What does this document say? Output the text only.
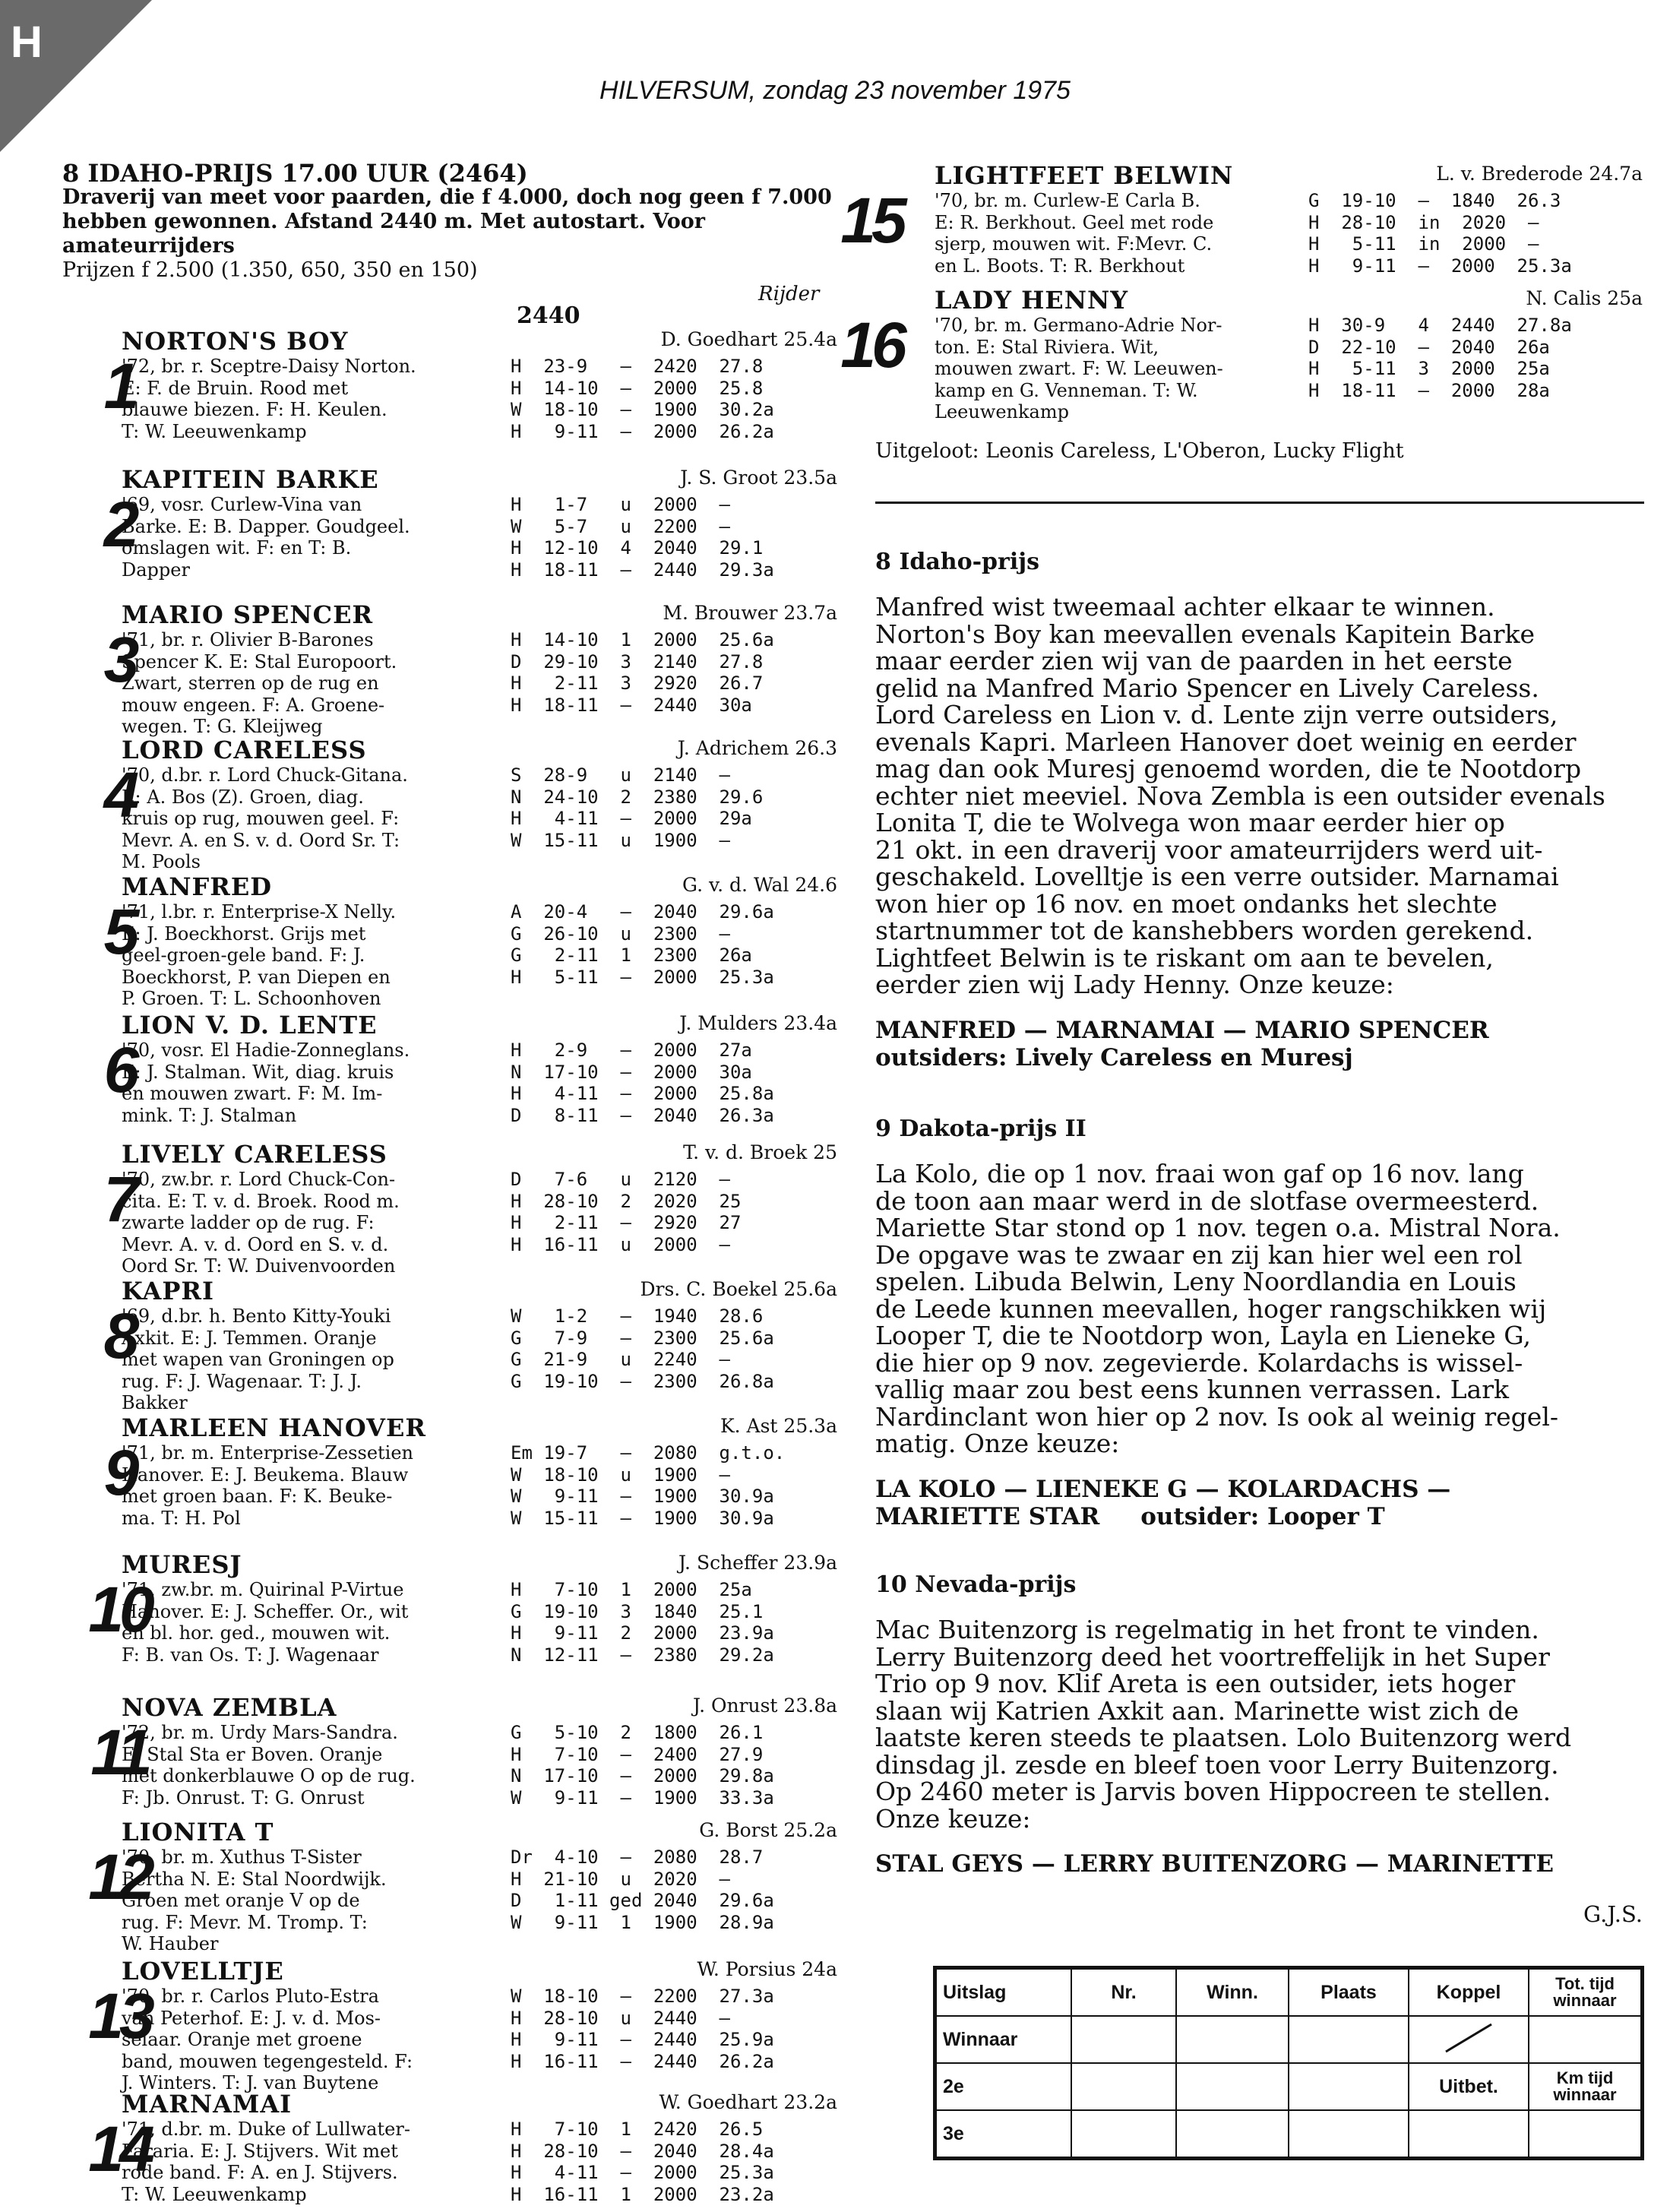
H
HILVERSUM, zondag 23 november 1975
8 IDAHO-PRIJS 17.00 UUR (2464)
Draverij van meet voor paarden, die f 4.000, doch nog geen f 7.000 hebben gewonnen. Afstand 2440 m. Met autostart. Voor amateurrijders
Prijzen f 2.500 (1.350, 650, 350 en 150)
Rijder
2440
1
NORTON'S BOY	D. Goedhart 25.4a
'72, br. r. Sceptre-Daisy Norton.
E: F. de Bruin. Rood met
blauwe biezen. F: H. Keulen.
T: W. Leeuwenkamp
H  23-9   —  2420  27.8
H  14-10  —  2000  25.8
W  18-10  —  1900  30.2a
H   9-11  —  2000  26.2a
2
KAPITEIN BARKE	J. S. Groot 23.5a
'69, vosr. Curlew-Vina van
Barke. E: B. Dapper. Goudgeel.
omslagen wit. F: en T: B.
Dapper
H   1-7   u  2000  —
W   5-7   u  2200  —
H  12-10  4  2040  29.1
H  18-11  —  2440  29.3a
3
MARIO SPENCER	M. Brouwer 23.7a
'71, br. r. Olivier B-Barones
Spencer K. E: Stal Europoort.
Zwart, sterren op de rug en
mouw engeen. F: A. Groene-
wegen. T: G. Kleijweg
H  14-10  1  2000  25.6a
D  29-10  3  2140  27.8
H   2-11  3  2920  26.7
H  18-11  —  2440  30a
4
LORD CARELESS	J. Adrichem 26.3
'70, d.br. r. Lord Chuck-Gitana.
E: A. Bos (Z). Groen, diag.
kruis op rug, mouwen geel. F:
Mevr. A. en S. v. d. Oord Sr. T:
M. Pools
S  28-9   u  2140  —
N  24-10  2  2380  29.6
H   4-11  —  2000  29a
W  15-11  u  1900  —
5
MANFRED	G. v. d. Wal 24.6
'71, l.br. r. Enterprise-X Nelly.
E: J. Boeckhorst. Grijs met
geel-groen-gele band. F: J.
Boeckhorst, P. van Diepen en
P. Groen. T: L. Schoonhoven
A  20-4   —  2040  29.6a
G  26-10  u  2300  —
G   2-11  1  2300  26a
H   5-11  —  2000  25.3a
6
LION V. D. LENTE	J. Mulders 23.4a
'70, vosr. El Hadie-Zonneglans.
E: J. Stalman. Wit, diag. kruis
en mouwen zwart. F: M. Im-
mink. T: J. Stalman
H   2-9   —  2000  27a
N  17-10  —  2000  30a
H   4-11  —  2000  25.8a
D   8-11  —  2040  26.3a
7
LIVELY CARELESS	T. v. d. Broek 25
'70, zw.br. r. Lord Chuck-Con-
cita. E: T. v. d. Broek. Rood m.
zwarte ladder op de rug. F:
Mevr. A. v. d. Oord en S. v. d.
Oord Sr. T: W. Duivenvoorden
D   7-6   u  2120  —
H  28-10  2  2020  25
H   2-11  —  2920  27
H  16-11  u  2000  —
8
KAPRI	Drs. C. Boekel 25.6a
'69, d.br. h. Bento Kitty-Youki
Axkit. E: J. Temmen. Oranje
met wapen van Groningen op
rug. F: J. Wagenaar. T: J. J.
Bakker
W   1-2   —  1940  28.6
G   7-9   —  2300  25.6a
G  21-9   u  2240  —
G  19-10  —  2300  26.8a
9
MARLEEN HANOVER	K. Ast 25.3a
'71, br. m. Enterprise-Zessetien
Hanover. E: J. Beukema. Blauw
met groen baan. F: K. Beuke-
ma. T: H. Pol
Em 19-7   —  2080  g.t.o.
W  18-10  u  1900  —
W   9-11  —  1900  30.9a
W  15-11  —  1900  30.9a
10
MURESJ	J. Scheffer 23.9a
'71, zw.br. m. Quirinal P-Virtue
Hanover. E: J. Scheffer. Or., wit
en bl. hor. ged., mouwen wit.
F: B. van Os. T: J. Wagenaar
H   7-10  1  2000  25a
G  19-10  3  1840  25.1
H   9-11  2  2000  23.9a
N  12-11  —  2380  29.2a
11
NOVA ZEMBLA	J. Onrust 23.8a
'72, br. m. Urdy Mars-Sandra.
E: Stal Sta er Boven. Oranje
met donkerblauwe O op de rug.
F: Jb. Onrust. T: G. Onrust
G   5-10  2  1800  26.1
H   7-10  —  2400  27.9
N  17-10  —  2000  29.8a
W   9-11  —  1900  33.3a
12
LIONITA T	G. Borst 25.2a
'70, br. m. Xuthus T-Sister
Bertha N. E: Stal Noordwijk.
Groen met oranje V op de
rug. F: Mevr. M. Tromp. T:
W. Hauber
Dr  4-10  —  2080  28.7
H  21-10  u  2020  —
D   1-11 ged 2040  29.6a
W   9-11  1  1900  28.9a
13
LOVELLTJE	W. Porsius 24a
'70, br. r. Carlos Pluto-Estra
van Peterhof. E: J. v. d. Mos-
selaar. Oranje met groene
band, mouwen tegengesteld. F:
J. Winters. T: J. van Buytene
W  18-10  —  2200  27.3a
H  28-10  u  2440  —
H   9-11  —  2440  25.9a
H  16-11  —  2440  26.2a
14
MARNAMAI	W. Goedhart 23.2a
'71, d.br. m. Duke of Lullwater-
Fararia. E: J. Stijvers. Wit met
rode band. F: A. en J. Stijvers.
T: W. Leeuwenkamp
H   7-10  1  2420  26.5
H  28-10  —  2040  28.4a
H   4-11  —  2000  25.3a
H  16-11  1  2000  23.2a
15
LIGHTFEET BELWIN	L. v. Brederode 24.7a
'70, br. m. Curlew-E Carla B.
E: R. Berkhout. Geel met rode
sjerp, mouwen wit. F:Mevr. C.
en L. Boots. T: R. Berkhout
G  19-10  —  1840  26.3
H  28-10  in  2020  —
H   5-11  in  2000  —
H   9-11  —  2000  25.3a
16
LADY HENNY	N. Calis 25a
'70, br. m. Germano-Adrie Nor-
ton. E: Stal Riviera. Wit,
mouwen zwart. F: W. Leeuwen-
kamp en G. Venneman. T: W.
Leeuwenkamp
H  30-9   4  2440  27.8a
D  22-10  —  2040  26a
H   5-11  3  2000  25a
H  18-11  —  2000  28a
Uitgeloot: Leonis Careless, L'Oberon, Lucky Flight
8 Idaho-prijs
Manfred wist tweemaal achter elkaar te winnen.
Norton's Boy kan meevallen evenals Kapitein Barke
maar eerder zien wij van de paarden in het eerste
gelid na Manfred Mario Spencer en Lively Careless.
Lord Careless en Lion v. d. Lente zijn verre outsiders,
evenals Kapri. Marleen Hanover doet weinig en eerder
mag dan ook Muresj genoemd worden, die te Nootdorp
echter niet meeviel. Nova Zembla is een outsider evenals
Lonita T, die te Wolvega won maar eerder hier op
21 okt. in een draverij voor amateurrijders werd uit-
geschakeld. Lovelltje is een verre outsider. Marnamai
won hier op 16 nov. en moet ondanks het slechte
startnummer tot de kanshebbers worden gerekend.
Lightfeet Belwin is te riskant om aan te bevelen,
eerder zien wij Lady Henny. Onze keuze:
MANFRED — MARNAMAI — MARIO SPENCER
outsiders: Lively Careless en Muresj
9 Dakota-prijs II
La Kolo, die op 1 nov. fraai won gaf op 16 nov. lang
de toon aan maar werd in de slotfase overmeesterd.
Mariette Star stond op 1 nov. tegen o.a. Mistral Nora.
De opgave was te zwaar en zij kan hier wel een rol
spelen. Libuda Belwin, Leny Noordlandia en Louis
de Leede kunnen meevallen, hoger rangschikken wij
Looper T, die te Nootdorp won, Layla en Lieneke G,
die hier op 9 nov. zegevierde. Kolardachs is wissel-
vallig maar zou best eens kunnen verrassen. Lark
Nardinclant won hier op 2 nov. Is ook al weinig regel-
matig. Onze keuze:
LA KOLO — LIENEKE G — KOLARDACHS —
MARIETTE STAR     outsider: Looper T
10 Nevada-prijs
Mac Buitenzorg is regelmatig in het front te vinden.
Lerry Buitenzorg deed het voortreffelijk in het Super
Trio op 9 nov. Klif Areta is een outsider, iets hoger
slaan wij Katrien Axkit aan. Marinette wist zich de
laatste keren steeds te plaatsen. Lolo Buitenzorg werd
dinsdag jl. zesde en bleef toen voor Lerry Buitenzorg.
Op 2460 meter is Jarvis boven Hippocreen te stellen.
Onze keuze:
STAL GEYS — LERRY BUITENZORG — MARINETTE
G.J.S.
Uitslag	Nr.	Winn.	Plaats	Koppel	Tot. tijd winnaar
Winnaar					
2e				Uitbet.	Km tijd winnaar
3e					
